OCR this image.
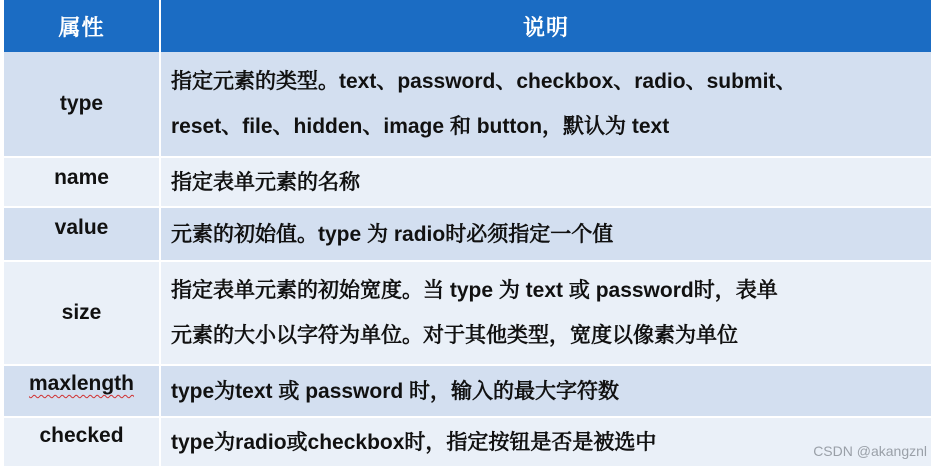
属性	说明
type	指定元素的类型。text、password、checkbox、radio、submit、
reset、file、hidden、image 和 button，默认为 text

name	指定表单元素的名称

value	元素的初始值。type 为 radio时必须指定一个值

size	指定表单元素的初始宽度。当 type 为 text 或 password时，表单
元素的大小以字符为单位。对于其他类型，宽度以像素为单位

maxlength	type为text 或 password 时，输入的最大字符数

checked	type为radio或checkbox时，指定按钮是否是被选中	CSDN @akangznl
